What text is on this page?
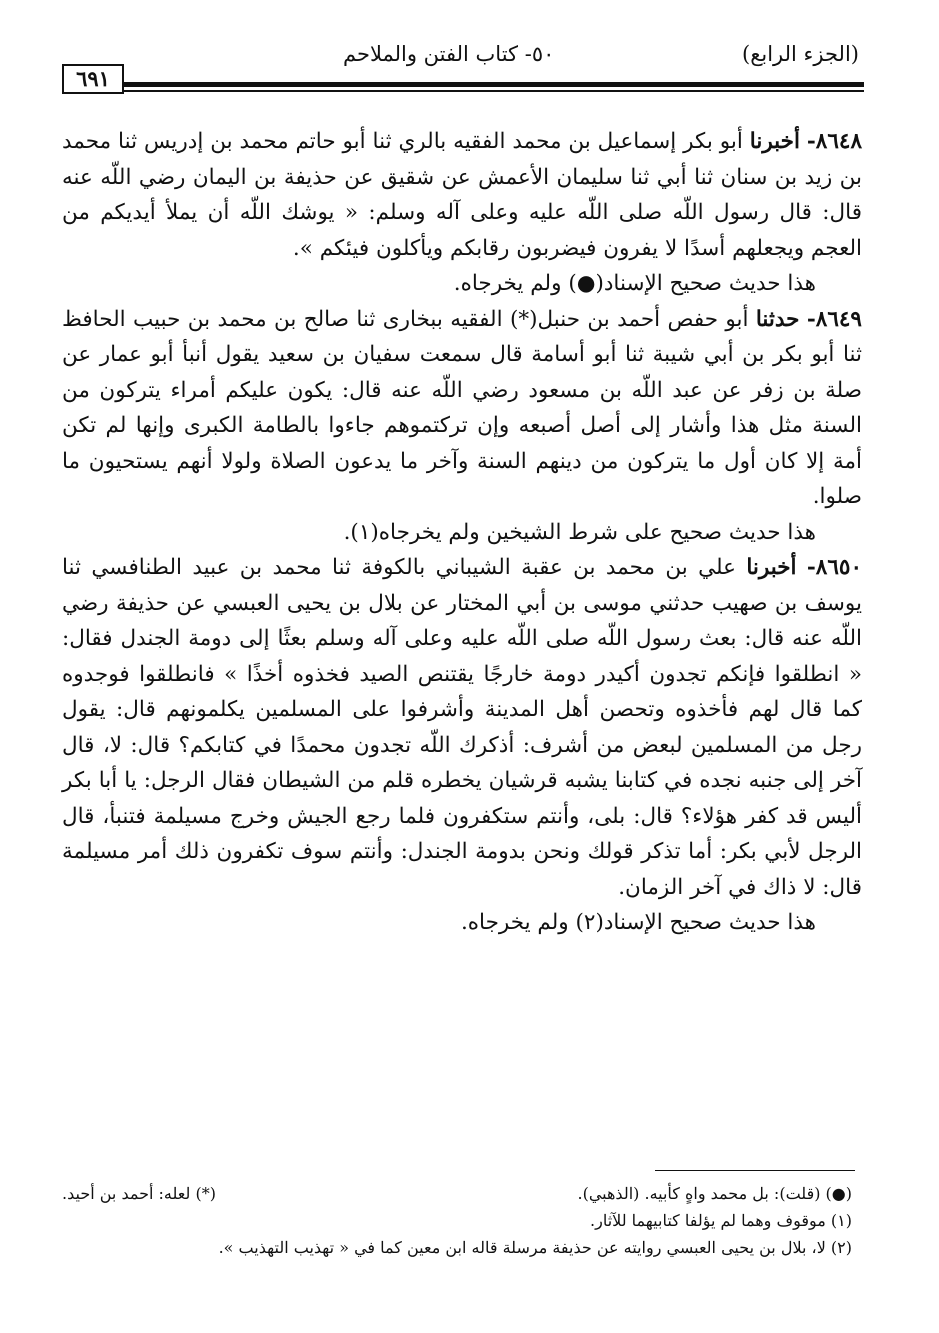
(الجزء الرابع)
٥٠- كتاب الفتن والملاحم
٦٩١

٨٦٤٨- أخبرنا أبو بكر إسماعيل بن محمد الفقيه بالري ثنا أبو حاتم محمد بن إدريس ثنا محمد بن زيد بن سنان ثنا أبي ثنا سليمان الأعمش عن شقيق عن حذيفة بن اليمان رضي اللّه عنه قال: قال رسول اللّه صلى اللّه عليه وعلى آله وسلم: « يوشك اللّه أن يملأ أيديكم من العجم ويجعلهم أسدًا لا يفرون فيضربون رقابكم ويأكلون فيئكم ».

هذا حديث صحيح الإسناد(●) ولم يخرجاه.

٨٦٤٩- حدثنا أبو حفص أحمد بن حنبل(*) الفقيه ببخارى ثنا صالح بن محمد بن حبيب الحافظ ثنا أبو بكر بن أبي شيبة ثنا أبو أسامة قال سمعت سفيان بن سعيد يقول أنبأ أبو عمار عن صلة بن زفر عن عبد اللّه بن مسعود رضي اللّه عنه قال: يكون عليكم أمراء يتركون من السنة مثل هذا وأشار إلى أصل أصبعه وإن تركتموهم جاءوا بالطامة الكبرى وإنها لم تكن أمة إلا كان أول ما يتركون من دينهم السنة وآخر ما يدعون الصلاة ولولا أنهم يستحيون ما صلوا.

هذا حديث صحيح على شرط الشيخين ولم يخرجاه(١).

٨٦٥٠- أخبرنا علي بن محمد بن عقبة الشيباني بالكوفة ثنا محمد بن عبيد الطنافسي ثنا يوسف بن صهيب حدثني موسى بن أبي المختار عن بلال بن يحيى العبسي عن حذيفة رضي اللّه عنه قال: بعث رسول اللّه صلى اللّه عليه وعلى آله وسلم بعثًا إلى دومة الجندل فقال: « انطلقوا فإنكم تجدون أكيدر دومة خارجًا يقتنص الصيد فخذوه أخذًا » فانطلقوا فوجدوه كما قال لهم فأخذوه وتحصن أهل المدينة وأشرفوا على المسلمين يكلمونهم قال: يقول رجل من المسلمين لبعض من أشرف: أذكرك اللّه تجدون محمدًا في كتابكم؟ قال: لا، قال آخر إلى جنبه نجده في كتابنا يشبه قرشيان يخطره قلم من الشيطان فقال الرجل: يا أبا بكر أليس قد كفر هؤلاء؟ قال: بلى، وأنتم ستكفرون فلما رجع الجيش وخرج مسيلمة فتنبأ، قال الرجل لأبي بكر: أما تذكر قولك ونحن بدومة الجندل: وأنتم سوف تكفرون ذلك أمر مسيلمة قال: لا ذاك في آخر الزمان.

هذا حديث صحيح الإسناد(٢) ولم يخرجاه.

(●) (قلت): بل محمد واهٍ كأبيه. (الذهبي).
(*) لعله: أحمد بن أحيد.
(١) موقوف وهما لم يؤلفا كتابيهما للآثار.
(٢) لا، بلال بن يحيى العبسي روايته عن حذيفة مرسلة قاله ابن معين كما في « تهذيب التهذيب ».
